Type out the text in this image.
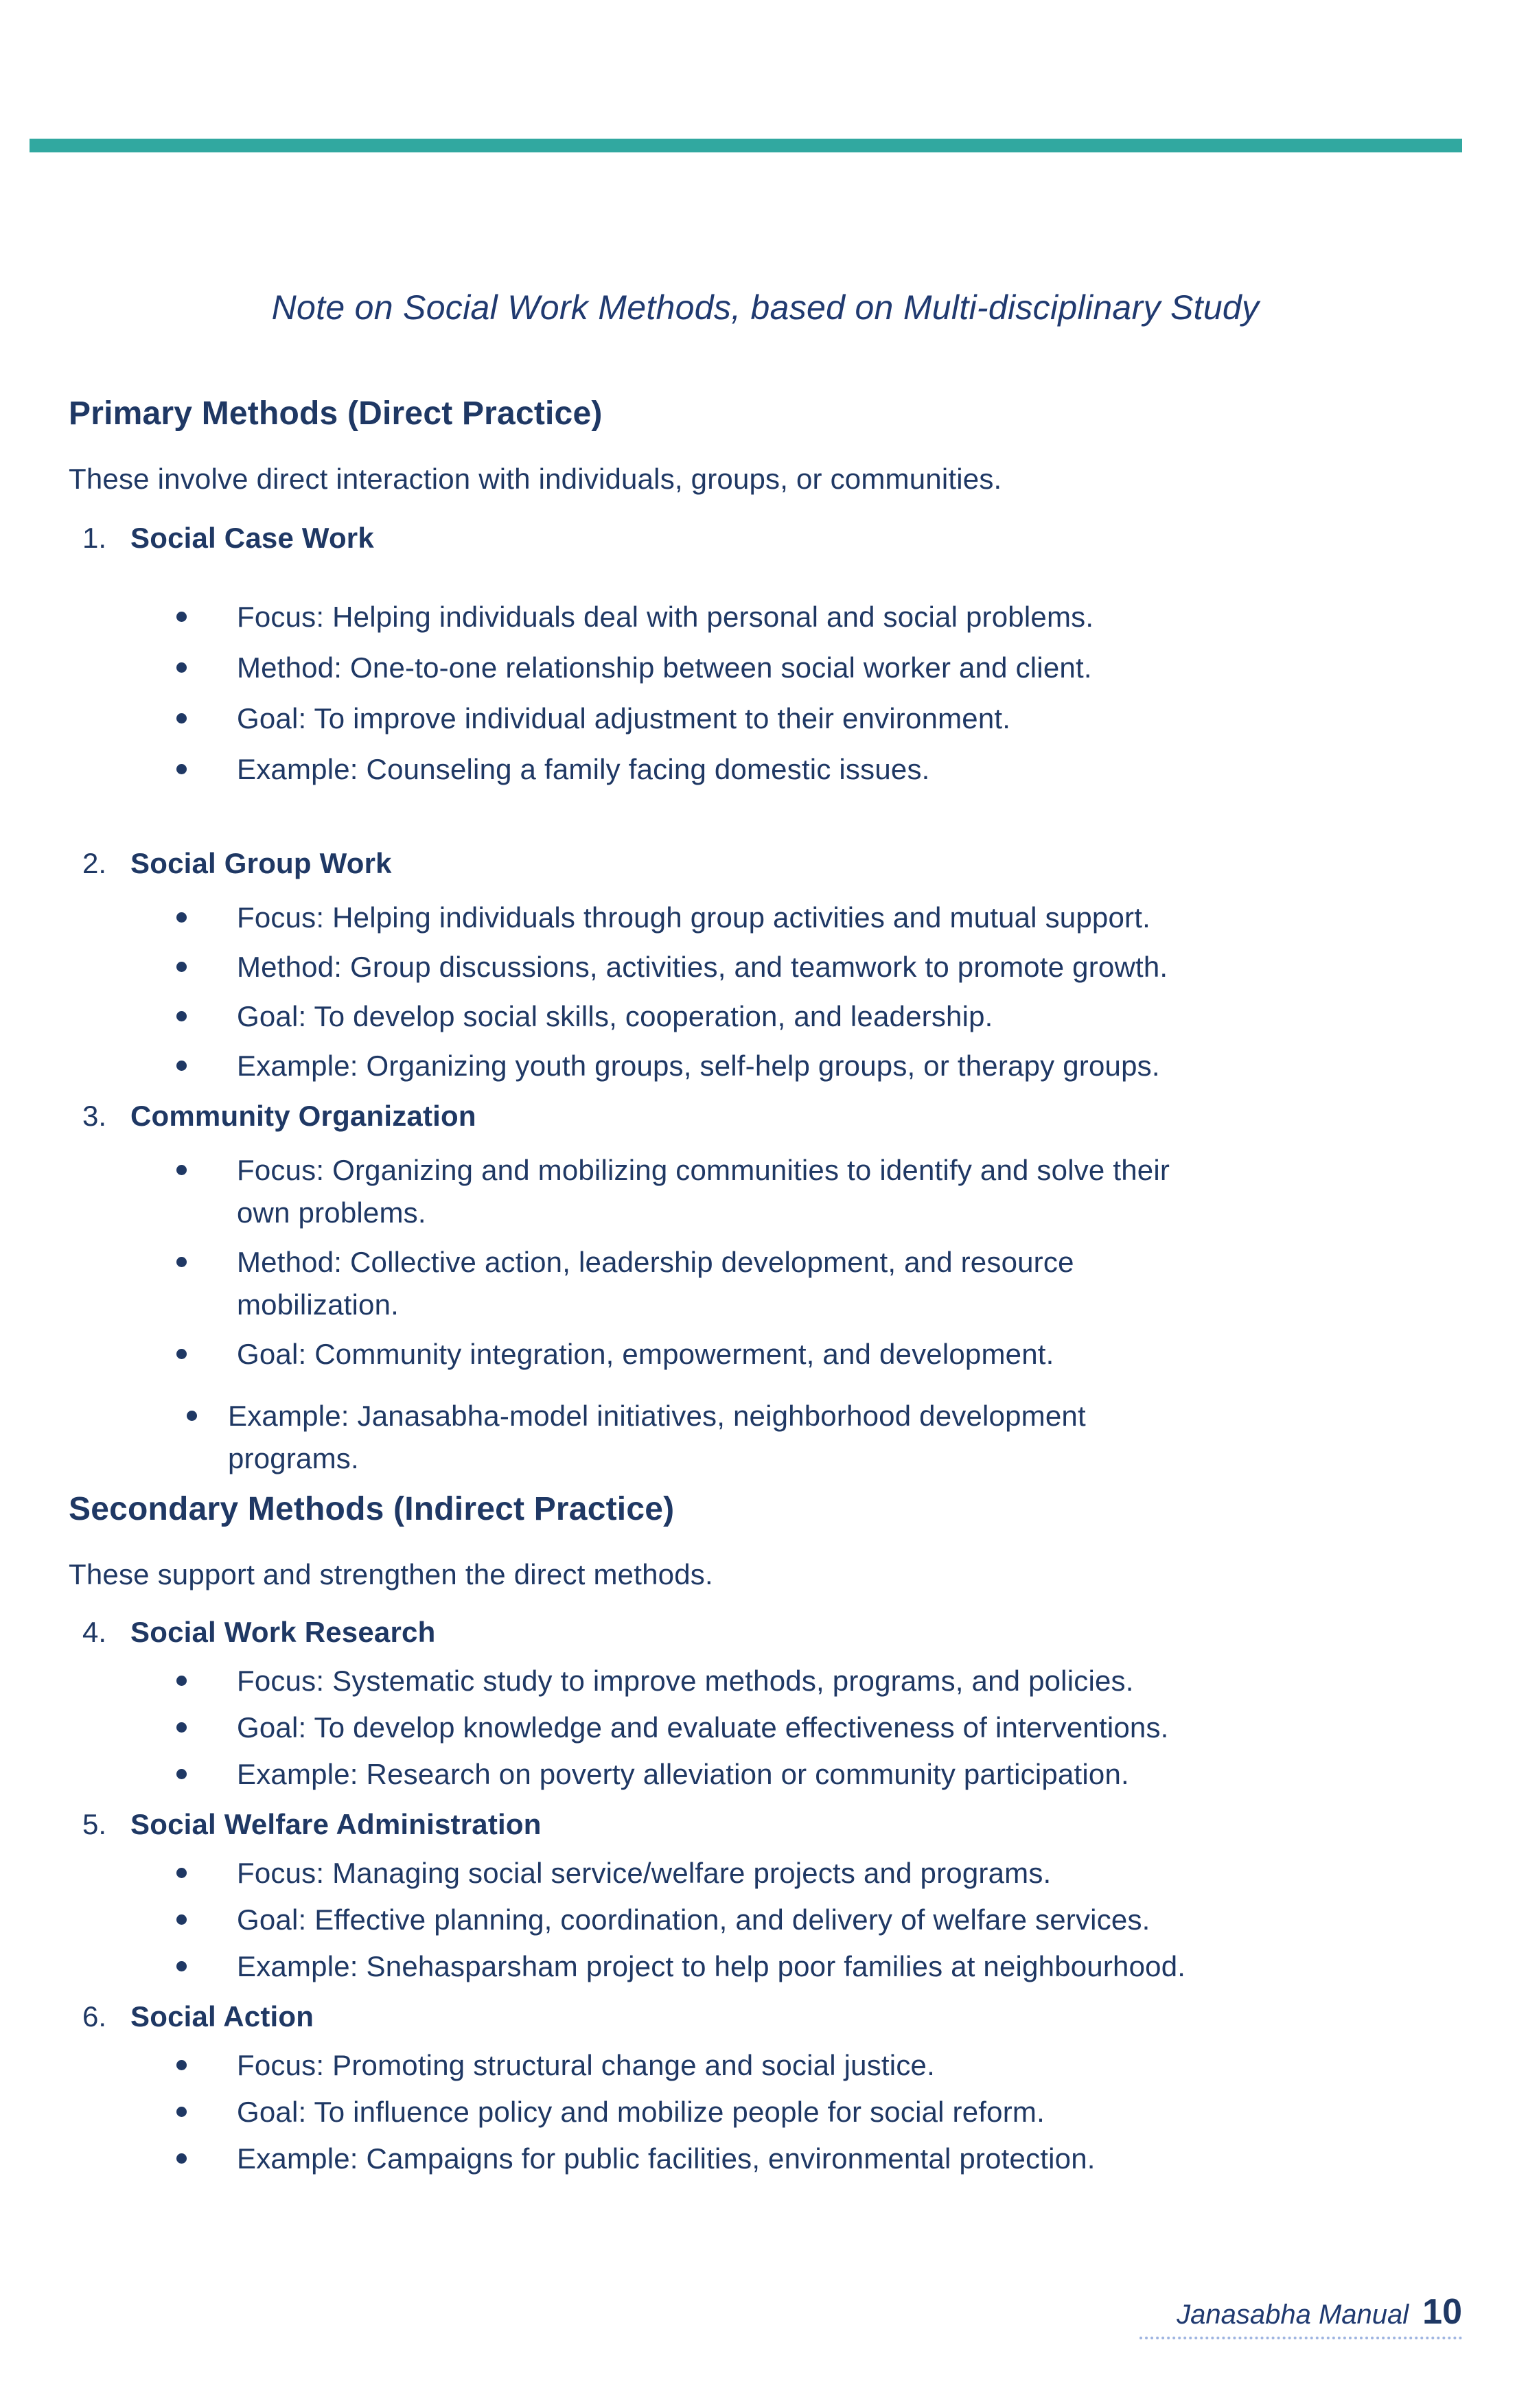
Note on Social Work Methods, based on Multi-disciplinary Study
Primary Methods (Direct Practice)
These involve direct interaction with individuals, groups, or communities.
1. Social Case Work
Focus: Helping individuals deal with personal and social problems.
Method: One-to-one relationship between social worker and client.
Goal: To improve individual adjustment to their environment.
Example: Counseling a family facing domestic issues.
2. Social Group Work
Focus: Helping individuals through group activities and mutual support.
Method: Group discussions, activities, and teamwork to promote growth.
Goal: To develop social skills, cooperation, and leadership.
Example: Organizing youth groups, self-help groups, or therapy groups.
3. Community Organization
Focus: Organizing and mobilizing communities to identify and solve their own problems.
Method: Collective action, leadership development, and resource mobilization.
Goal: Community integration, empowerment, and development.
Example: Janasabha-model initiatives, neighborhood development programs.
Secondary Methods (Indirect Practice)
These support and strengthen the direct methods.
4. Social Work Research
Focus: Systematic study to improve methods, programs, and policies.
Goal: To develop knowledge and evaluate effectiveness of interventions.
Example: Research on poverty alleviation or community participation.
5. Social Welfare Administration
Focus: Managing social service/welfare projects and programs.
Goal: Effective planning, coordination, and delivery of welfare services.
Example: Snehasparsham project to help poor families at neighbourhood.
6. Social Action
Focus: Promoting structural change and social justice.
Goal: To influence policy and mobilize people for social reform.
Example: Campaigns for public facilities, environmental protection.
Janasabha Manual 10
